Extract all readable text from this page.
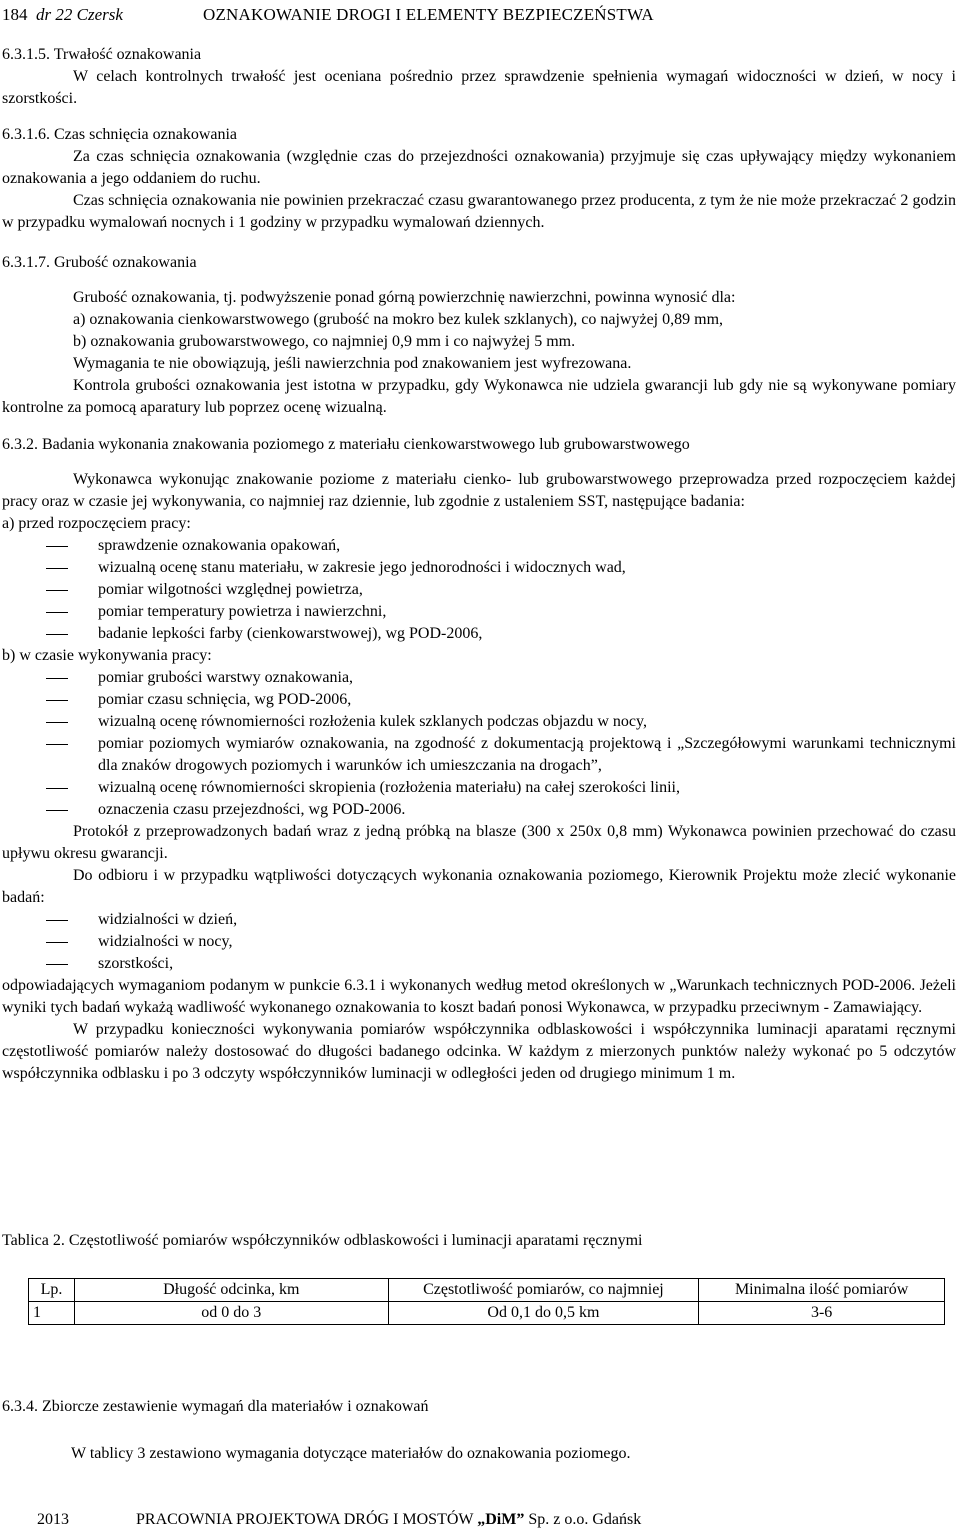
184 dr 22 Czersk	OZNAKOWANIE DROGI I ELEMENTY BEZPIECZEŃSTWA

6.3.1.5. Trwałość oznakowania

W celach kontrolnych trwałość jest oceniana pośrednio przez sprawdzenie spełnienia wymagań widoczności w dzień, w nocy i szorstkości.

6.3.1.6. Czas schnięcia oznakowania

Za czas schnięcia oznakowania (względnie czas do przejezdności oznakowania) przyjmuje się czas upływający między wykonaniem oznakowania a jego oddaniem do ruchu.

Czas schnięcia oznakowania nie powinien przekraczać czasu gwarantowanego przez producenta, z tym że nie może przekraczać 2 godzin w przypadku wymalowań nocnych i 1 godziny w przypadku wymalowań dziennych.

6.3.1.7. Grubość oznakowania

Grubość oznakowania, tj. podwyższenie ponad górną powierzchnię nawierzchni, powinna wynosić dla:

a) oznakowania cienkowarstwowego (grubość na mokro bez kulek szklanych), co najwyżej 0,89 mm,

b) oznakowania grubowarstwowego, co najmniej 0,9 mm i co najwyżej 5 mm.

Wymagania te nie obowiązują, jeśli nawierzchnia pod znakowaniem jest wyfrezowana.

Kontrola grubości oznakowania jest istotna w przypadku, gdy Wykonawca nie udziela gwarancji lub gdy nie są wykonywane pomiary kontrolne za pomocą aparatury lub poprzez ocenę wizualną.

6.3.2. Badania wykonania znakowania poziomego z materiału cienkowarstwowego lub grubowarstwowego

Wykonawca wykonując znakowanie poziome z materiału cienko- lub grubowarstwowego przeprowadza przed rozpoczęciem każdej pracy oraz w czasie jej wykonywania, co najmniej raz dziennie, lub zgodnie z ustaleniem SST, następujące badania:

a) przed rozpoczęciem pracy:

sprawdzenie oznakowania opakowań,
wizualną ocenę stanu materiału, w zakresie jego jednorodności i widocznych wad,
pomiar wilgotności względnej powietrza,
pomiar temperatury powietrza i nawierzchni,
badanie lepkości farby (cienkowarstwowej), wg POD-2006,

b) w czasie wykonywania pracy:

pomiar grubości warstwy oznakowania,
pomiar czasu schnięcia, wg POD-2006,
wizualną ocenę równomierności rozłożenia kulek szklanych podczas objazdu w nocy,
pomiar poziomych wymiarów oznakowania, na zgodność z dokumentacją projektową i „Szczegółowymi warunkami technicznymi dla znaków drogowych poziomych i warunków ich umieszczania na drogach”,
wizualną ocenę równomierności skropienia (rozłożenia materiału) na całej szerokości linii,
oznaczenia czasu przejezdności, wg POD-2006.

Protokół z przeprowadzonych badań wraz z jedną próbką na blasze (300 x 250x 0,8 mm) Wykonawca powinien przechować do czasu upływu okresu gwarancji.

Do odbioru i w przypadku wątpliwości dotyczących wykonania oznakowania poziomego, Kierownik Projektu może zlecić wykonanie badań:

widzialności w dzień,
widzialności w nocy,
szorstkości,

odpowiadających wymaganiom podanym w punkcie 6.3.1 i wykonanych według metod określonych w „Warunkach technicznych POD-2006. Jeżeli wyniki tych badań wykażą wadliwość wykonanego oznakowania to koszt badań ponosi Wykonawca, w przypadku przeciwnym - Zamawiający.

W przypadku konieczności wykonywania pomiarów współczynnika odblaskowości i współczynnika luminacji aparatami ręcznymi częstotliwość pomiarów należy dostosować do długości badanego odcinka. W każdym z mierzonych punktów należy wykonać po 5 odczytów współczynnika odblasku i po 3 odczyty współczynników luminacji w odległości jeden od drugiego minimum 1 m.

Tablica 2. Częstotliwość pomiarów współczynników odblaskowości i luminacji aparatami ręcznymi
Lp.	Długość odcinka, km	Częstotliwość pomiarów, co najmniej	Minimalna ilość pomiarów
1	od 0 do 3	Od 0,1 do 0,5 km	3-6
6.3.4. Zbiorcze zestawienie wymagań dla materiałów i oznakowań
W tablicy 3 zestawiono wymagania dotyczące materiałów do oznakowania poziomego.
2013	PRACOWNIA PROJEKTOWA DRÓG I MOSTÓW „DiM” Sp. z o.o. Gdańsk
